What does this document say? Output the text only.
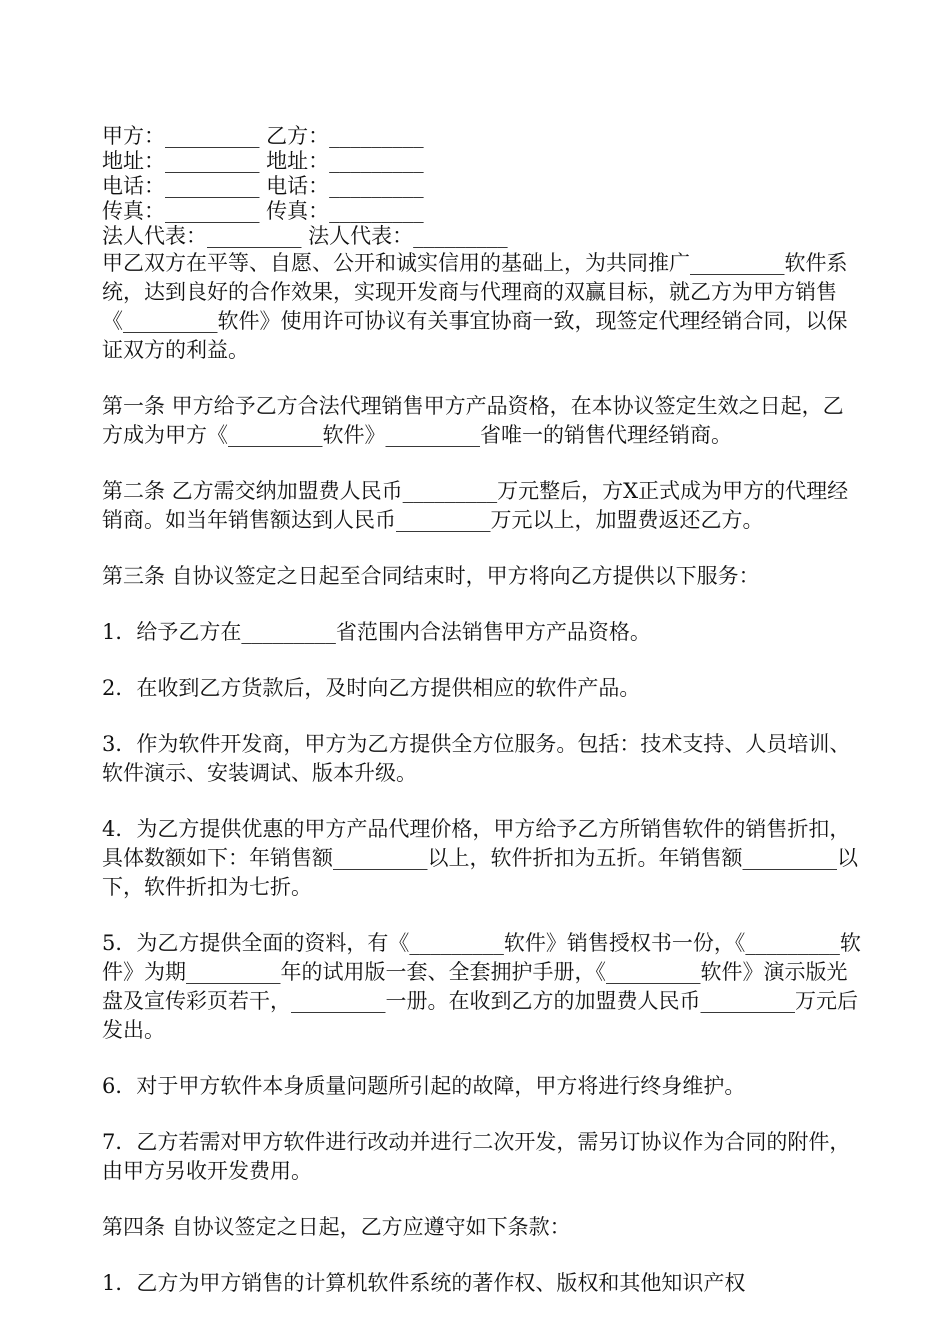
甲方：_________ 乙方：_________

地址：_________ 地址：_________

电话：_________ 电话：_________

传真：_________ 传真：_________

法人代表：_________ 法人代表：_________

甲乙双方在平等、自愿、公开和诚实信用的基础上，为共同推广_________软件系统，达到良好的合作效果，实现开发商与代理商的双赢目标，就乙方为甲方销售《_________软件》使用许可协议有关事宜协商一致，现签定代理经销合同，以保证双方的利益。

第一条 甲方给予乙方合法代理销售甲方产品资格，在本协议签定生效之日起，乙方成为甲方《_________软件》_________省唯一的销售代理经销商。

第二条 乙方需交纳加盟费人民币_________万元整后，方X正式成为甲方的代理经销商。如当年销售额达到人民币_________万元以上，加盟费返还乙方。

第三条 自协议签定之日起至合同结束时，甲方将向乙方提供以下服务：

1．给予乙方在_________省范围内合法销售甲方产品资格。

2．在收到乙方货款后，及时向乙方提供相应的软件产品。

3．作为软件开发商，甲方为乙方提供全方位服务。包括：技术支持、人员培训、软件演示、安装调试、版本升级。

4．为乙方提供优惠的甲方产品代理价格，甲方给予乙方所销售软件的销售折扣，具体数额如下：年销售额_________以上，软件折扣为五折。年销售额_________以下，软件折扣为七折。

5．为乙方提供全面的资料，有《_________软件》销售授权书一份，《_________软件》为期_________年的试用版一套、全套拥护手册，《_________软件》演示版光盘及宣传彩页若干，_________一册。在收到乙方的加盟费人民币_________万元后发出。

6．对于甲方软件本身质量问题所引起的故障，甲方将进行终身维护。

7．乙方若需对甲方软件进行改动并进行二次开发，需另订协议作为合同的附件，由甲方另收开发费用。

第四条 自协议签定之日起，乙方应遵守如下条款：

1．乙方为甲方销售的计算机软件系统的著作权、版权和其他知识产权
